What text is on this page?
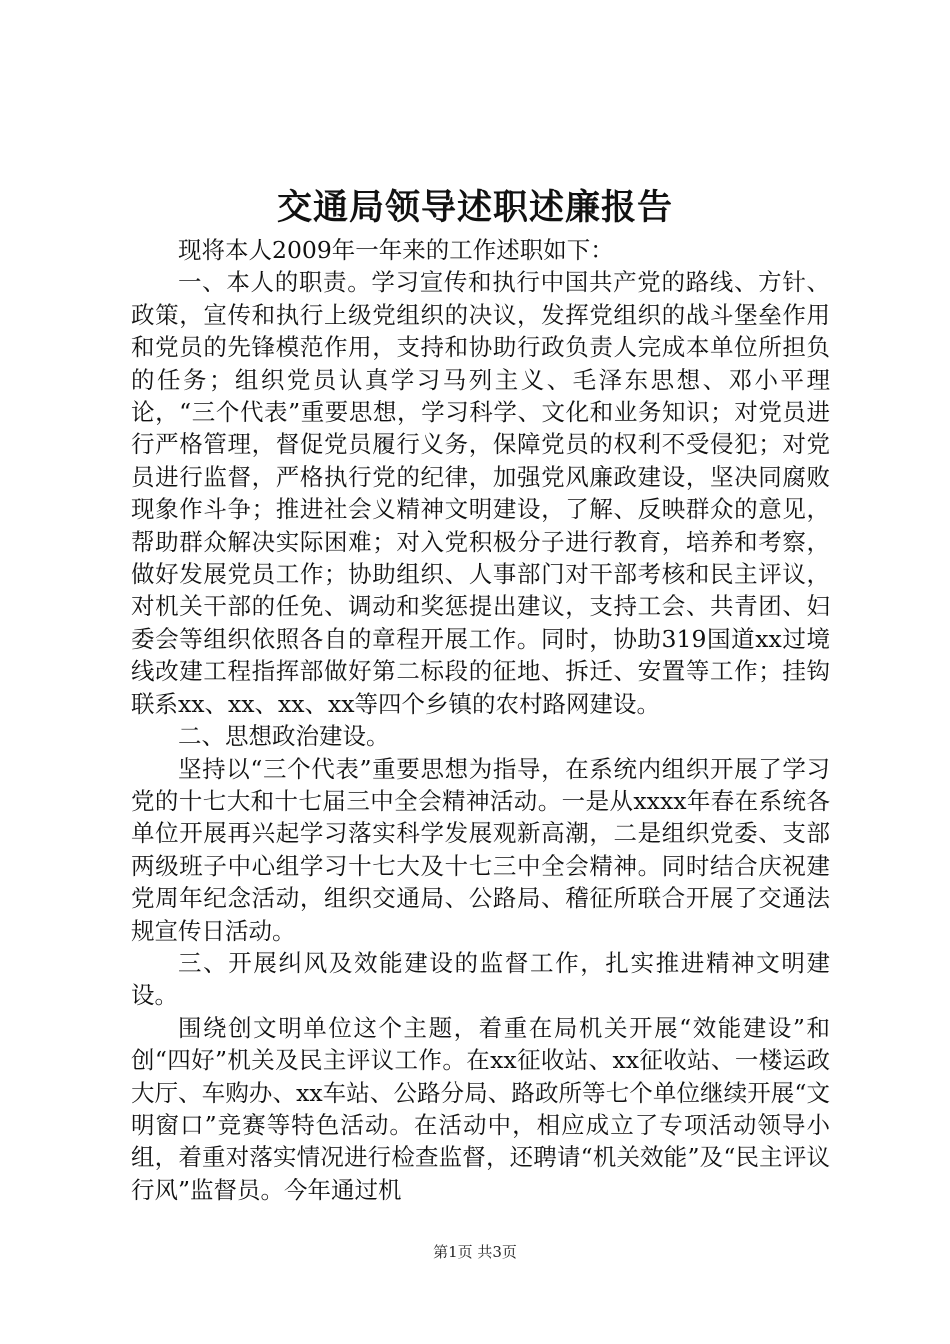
交通局领导述职述廉报告

现将本人2009年一年来的工作述职如下：

一、本人的职责。学习宣传和执行中国共产党的路线、方针、政策，宣传和执行上级党组织的决议，发挥党组织的战斗堡垒作用和党员的先锋模范作用，支持和协助行政负责人完成本单位所担负的任务；组织党员认真学习马列主义、毛泽东思想、邓小平理论，“三个代表”重要思想，学习科学、文化和业务知识；对党员进行严格管理，督促党员履行义务，保障党员的权利不受侵犯；对党员进行监督，严格执行党的纪律，加强党风廉政建设，坚决同腐败现象作斗争；推进社会义精神文明建设，了解、反映群众的意见，帮助群众解决实际困难；对入党积极分子进行教育，培养和考察，做好发展党员工作；协助组织、人事部门对干部考核和民主评议，对机关干部的任免、调动和奖惩提出建议，支持工会、共青团、妇委会等组织依照各自的章程开展工作。同时，协助319国道xx过境线改建工程指挥部做好第二标段的征地、拆迁、安置等工作；挂钩联系xx、xx、xx、xx等四个乡镇的农村路网建设。

二、思想政治建设。

坚持以“三个代表”重要思想为指导，在系统内组织开展了学习党的十七大和十七届三中全会精神活动。一是从xxxx年春在系统各单位开展再兴起学习落实科学发展观新高潮，二是组织党委、支部两级班子中心组学习十七大及十七三中全会精神。同时结合庆祝建党周年纪念活动，组织交通局、公路局、稽征所联合开展了交通法规宣传日活动。

三、开展纠风及效能建设的监督工作，扎实推进精神文明建设。

围绕创文明单位这个主题，着重在局机关开展“效能建设”和创“四好”机关及民主评议工作。在xx征收站、xx征收站、一楼运政大厅、车购办、xx车站、公路分局、路政所等七个单位继续开展“文明窗口”竞赛等特色活动。在活动中，相应成立了专项活动领导小组，着重对落实情况进行检查监督，还聘请“机关效能”及“民主评议行风”监督员。今年通过机

第1页 共3页
